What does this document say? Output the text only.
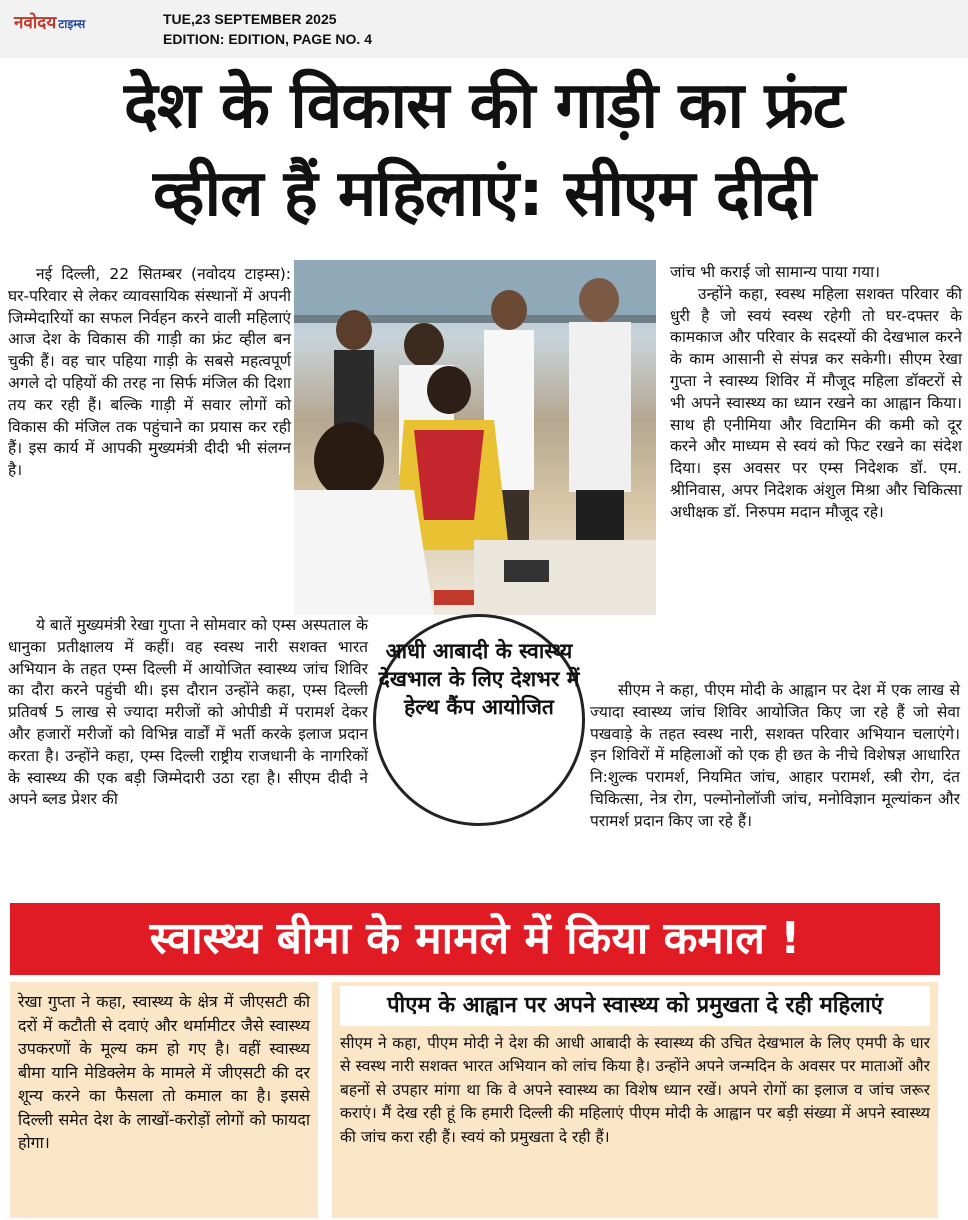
नवोदय टाइम्स	TUE,23 SEPTEMBER 2025
EDITION: EDITION, PAGE NO. 4
देश के विकास की गाड़ी का फ्रंट
व्हील हैं महिलाएं: सीएम दीदी

नई दिल्ली, 22 सितम्बर (नवोदय टाइम्स): घर-परिवार से लेकर व्यावसायिक संस्थानों में अपनी जिम्मेदारियों का सफल निर्वहन करने वाली महिलाएं आज देश के विकास की गाड़ी का फ्रंट व्हील बन चुकी हैं। वह चार पहिया गाड़ी के सबसे महत्वपूर्ण अगले दो पहियों की तरह ना सिर्फ मंजिल की दिशा तय कर रही हैं। बल्कि गाड़ी में सवार लोगों को विकास की मंजिल तक पहुंचाने का प्रयास कर रही हैं। इस कार्य में आपकी मुख्यमंत्री दीदी भी संलग्न है।

जांच भी कराई जो सामान्य पाया गया।

उन्होंने कहा, स्वस्थ महिला सशक्त परिवार की धुरी है जो स्वयं स्वस्थ रहेगी तो घर-दफ्तर के कामकाज और परिवार के सदस्यों की देखभाल करने के काम आसानी से संपन्न कर सकेगी। सीएम रेखा गुप्ता ने स्वास्थ्य शिविर में मौजूद महिला डॉक्टरों से भी अपने स्वास्थ्य का ध्यान रखने का आह्वान किया। साथ ही एनीमिया और विटामिन की कमी को दूर करने और माध्यम से स्वयं को फिट रखने का संदेश दिया। इस अवसर पर एम्स निदेशक डॉ. एम. श्रीनिवास, अपर निदेशक अंशुल मिश्रा और चिकित्सा अधीक्षक डॉ. निरुपम मदान मौजूद रहे।

ये बातें मुख्यमंत्री रेखा गुप्ता ने सोमवार को एम्स अस्पताल के धानुका प्रतीक्षालय में कहीं। वह स्वस्थ नारी सशक्त भारत अभियान के तहत एम्स दिल्ली में आयोजित स्वास्थ्य जांच शिविर का दौरा करने पहुंची थी। इस दौरान उन्होंने कहा, एम्स दिल्ली प्रतिवर्ष 5 लाख से ज्यादा मरीजों को ओपीडी में परामर्श देकर और हजारों मरीजों को विभिन्न वार्डों में भर्ती करके इलाज प्रदान करता है। उन्होंने कहा, एम्स दिल्ली राष्ट्रीय राजधानी के नागरिकों के स्वास्थ्य की एक बड़ी जिम्मेदारी उठा रहा है। सीएम दीदी ने अपने ब्लड प्रेशर की

सीएम ने कहा, पीएम मोदी के आह्वान पर देश में एक लाख से ज्यादा स्वास्थ्य जांच शिविर आयोजित किए जा रहे हैं जो सेवा पखवाड़े के तहत स्वस्थ नारी, सशक्त परिवार अभियान चलाएंगे। इन शिविरों में महिलाओं को एक ही छत के नीचे विशेषज्ञ आधारित नि:शुल्क परामर्श, नियमित जांच, आहार परामर्श, स्त्री रोग, दंत चिकित्सा, नेत्र रोग, पल्मोनोलॉजी जांच, मनोविज्ञान मूल्यांकन और परामर्श प्रदान किए जा रहे हैं।

आधी आबादी के स्वास्थ्य देखभाल के लिए देशभर में हेल्थ कैंप आयोजित
स्वास्थ्य बीमा के मामले में किया कमाल !

रेखा गुप्ता ने कहा, स्वास्थ्य के क्षेत्र में जीएसटी की दरों में कटौती से दवाएं और थर्मामीटर जैसे स्वास्थ्य उपकरणों के मूल्य कम हो गए है। वहीं स्वास्थ्य बीमा यानि मेडिक्लेम के मामले में जीएसटी की दर शून्य करने का फैसला तो कमाल का है। इससे दिल्ली समेत देश के लाखों-करोड़ों लोगों को फायदा होगा।

पीएम के आह्वान पर अपने स्वास्थ्य को प्रमुखता दे रही महिलाएं

सीएम ने कहा, पीएम मोदी ने देश की आधी आबादी के स्वास्थ्य की उचित देखभाल के लिए एमपी के धार से स्वस्थ नारी सशक्त भारत अभियान को लांच किया है। उन्होंने अपने जन्मदिन के अवसर पर माताओं और बहनों से उपहार मांगा था कि वे अपने स्वास्थ्य का विशेष ध्यान रखें। अपने रोगों का इलाज व जांच जरूर कराएं। मैं देख रही हूं कि हमारी दिल्ली की महिलाएं पीएम मोदी के आह्वान पर बड़ी संख्या में अपने स्वास्थ्य की जांच करा रही हैं। स्वयं को प्रमुखता दे रही हैं।
